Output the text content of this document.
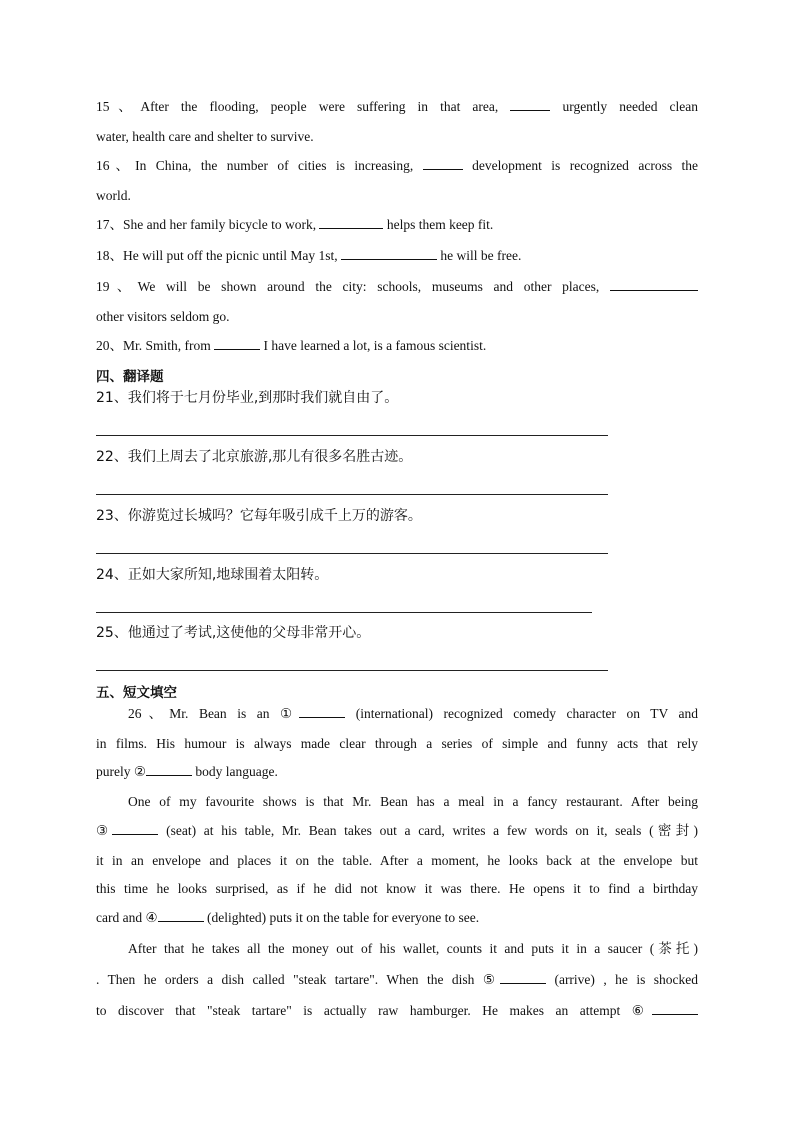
15、After the flooding, people were suffering in that area,	urgently needed clean
water, health care and shelter to survive.
16、In China, the number of cities is increasing,	development is recognized across the
world.
17、She and her family bicycle to work,	helps them keep fit.
18、He will put off the picnic until May 1st,	he will be free.
19、We will be shown around the city: schools, museums and other places,
other visitors seldom go.
20、Mr. Smith, from	I have learned a lot, is a famous scientist.
四、翻译题
21、我们将于七月份毕业,到那时我们就自由了。
22、我们上周去了北京旅游,那儿有很多名胜古迹。
23、你游览过长城吗？它每年吸引成千上万的游客。
24、正如大家所知,地球围着太阳转。
25、他通过了考试,这使他的父母非常开心。
五、短文填空
26、Mr. Bean is an ①	(international) recognized comedy character on TV and
in films. His humour is always made clear through a series of simple and funny acts that rely
purely ②	body language.
One of my favourite shows is that Mr. Bean has a meal in a fancy restaurant. After being
③	(seat) at his table, Mr. Bean takes out a card, writes a few words on it, seals (密封)
it in an envelope and places it on the table. After a moment, he looks back at the envelope but
this time he looks surprised, as if he did not know it was there. He opens it to find a birthday
card and ④	(delighted) puts it on the table for everyone to see.
After that he takes all the money out of his wallet, counts it and puts it in a saucer (茶托)
. Then he orders a dish called "steak tartare". When the dish ⑤	(arrive) , he is shocked
to discover that "steak tartare" is actually raw hamburger. He makes an attempt ⑥
